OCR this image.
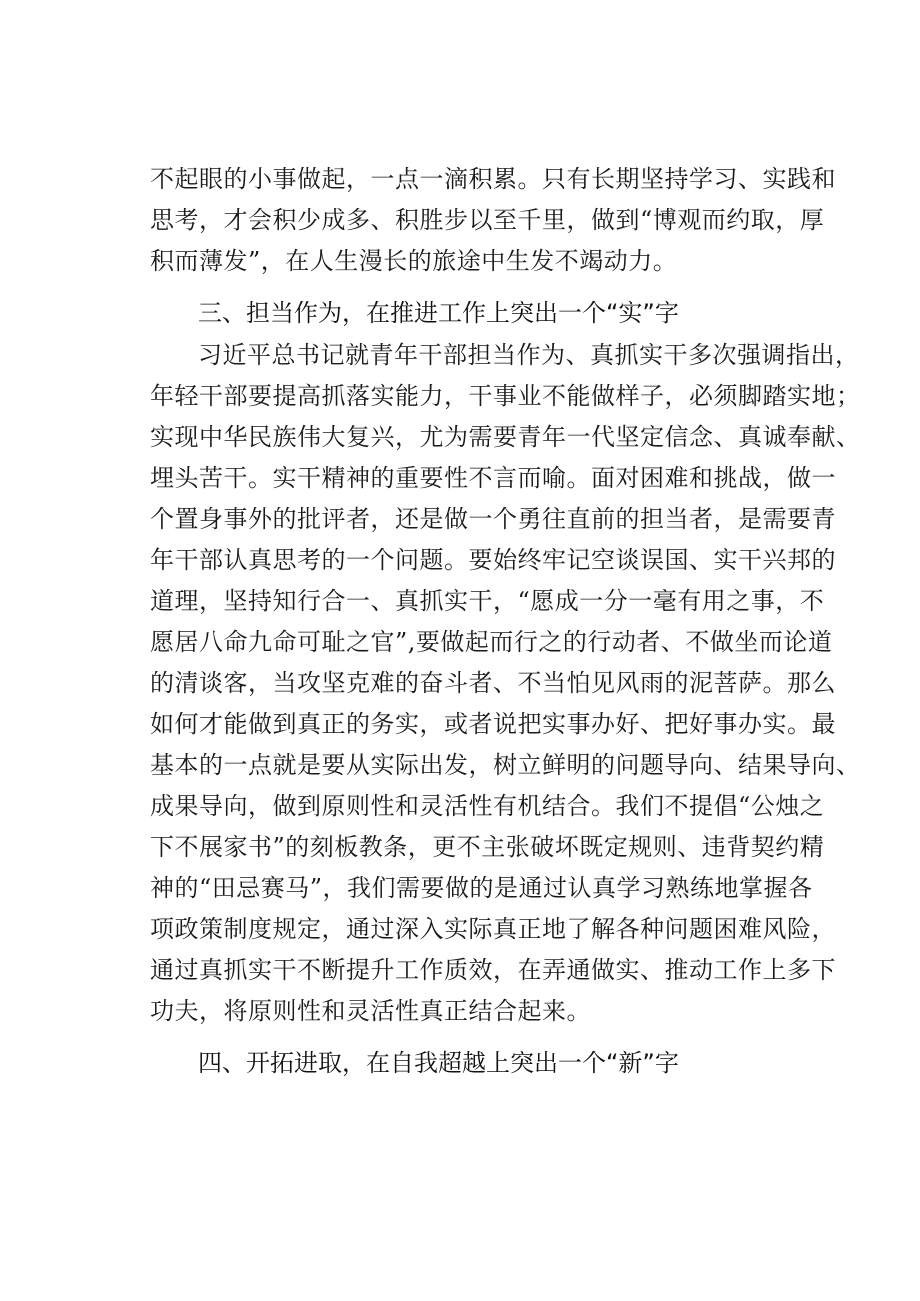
不起眼的小事做起，一点一滴积累。只有长期坚持学习、实践和
思考，才会积少成多、积胜步以至千里，做到“博观而约取，厚
积而薄发”，在人生漫长的旅途中生发不竭动力。
三、担当作为，在推进工作上突出一个“实”字
习近平总书记就青年干部担当作为、真抓实干多次强调指出，
年轻干部要提高抓落实能力，干事业不能做样子，必须脚踏实地；
实现中华民族伟大复兴，尤为需要青年一代坚定信念、真诚奉献、
埋头苦干。实干精神的重要性不言而喻。面对困难和挑战，做一
个置身事外的批评者，还是做一个勇往直前的担当者，是需要青
年干部认真思考的一个问题。要始终牢记空谈误国、实干兴邦的
道理，坚持知行合一、真抓实干，“愿成一分一毫有用之事，不
愿居八命九命可耻之官”,要做起而行之的行动者、不做坐而论道
的清谈客，当攻坚克难的奋斗者、不当怕见风雨的泥菩萨。那么
如何才能做到真正的务实，或者说把实事办好、把好事办实。最
基本的一点就是要从实际出发，树立鲜明的问题导向、结果导向、
成果导向，做到原则性和灵活性有机结合。我们不提倡“公烛之
下不展家书”的刻板教条，更不主张破坏既定规则、违背契约精
神的“田忌赛马”，我们需要做的是通过认真学习熟练地掌握各
项政策制度规定，通过深入实际真正地了解各种问题困难风险，
通过真抓实干不断提升工作质效，在弄通做实、推动工作上多下
功夫，将原则性和灵活性真正结合起来。
四、开拓进取，在自我超越上突出一个“新”字
